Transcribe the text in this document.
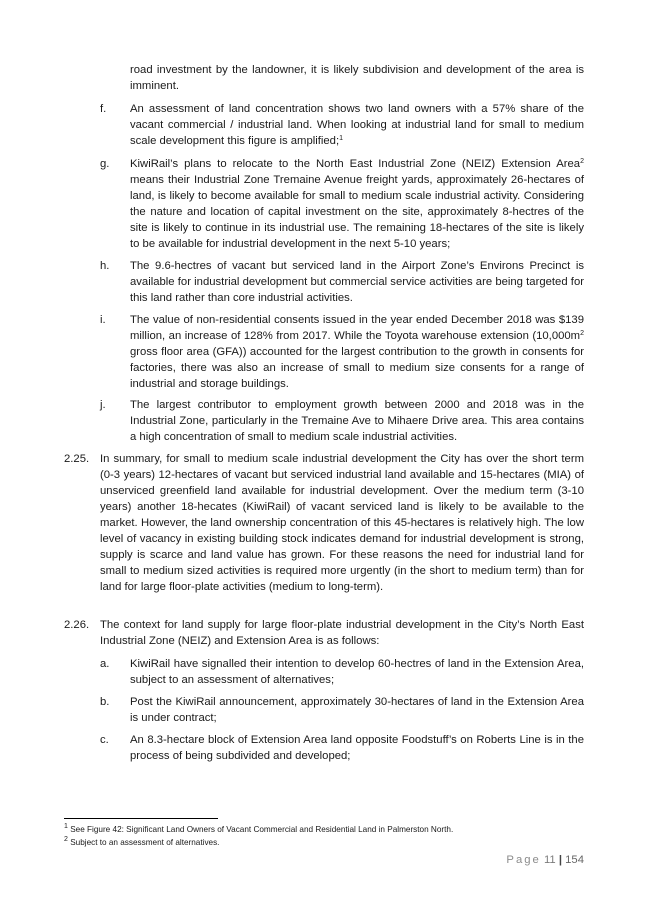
road investment by the landowner, it is likely subdivision and development of the area is imminent.

f. An assessment of land concentration shows two land owners with a 57% share of the vacant commercial / industrial land. When looking at industrial land for small to medium scale development this figure is amplified;$^1$

g. KiwiRail’s plans to relocate to the North East Industrial Zone (NEIZ) Extension Area$^2$ means their Industrial Zone Tremaine Avenue freight yards, approximately 26-hectares of land, is likely to become available for small to medium scale industrial activity. Considering the nature and location of capital investment on the site, approximately 8-hectres of the site is likely to continue in its industrial use. The remaining 18-hectares of the site is likely to be available for industrial development in the next 5-10 years;

h. The 9.6-hectres of vacant but serviced land in the Airport Zone’s Environs Precinct is available for industrial development but commercial service activities are being targeted for this land rather than core industrial activities.

i. The value of non-residential consents issued in the year ended December 2018 was $139 million, an increase of 128% from 2017. While the Toyota warehouse extension ($10,000m^2$ gross floor area (GFA)) accounted for the largest contribution to the growth in consents for factories, there was also an increase of small to medium size consents for a range of industrial and storage buildings.

j. The largest contributor to employment growth between 2000 and 2018 was in the Industrial Zone, particularly in the Tremaine Ave to Mihaere Drive area. This area contains a high concentration of small to medium scale industrial activities.

2.25. In summary, for small to medium scale industrial development the City has over the short term (0-3 years) 12-hectares of vacant but serviced industrial land available and 15-hectares (MIA) of unserviced greenfield land available for industrial development. Over the medium term (3-10 years) another 18-hecates (KiwiRail) of vacant serviced land is likely to be available to the market. However, the land ownership concentration of this 45-hectares is relatively high. The low level of vacancy in existing building stock indicates demand for industrial development is strong, supply is scarce and land value has grown. For these reasons the need for industrial land for small to medium sized activities is required more urgently (in the short to medium term) than for land for large floor-plate activities (medium to long-term).

2.26. The context for land supply for large floor-plate industrial development in the City’s North East Industrial Zone (NEIZ) and Extension Area is as follows:

a. KiwiRail have signalled their intention to develop 60-hectres of land in the Extension Area, subject to an assessment of alternatives;

b. Post the KiwiRail announcement, approximately 30-hectares of land in the Extension Area is under contract;

c. An 8.3-hectare block of Extension Area land opposite Foodstuff’s on Roberts Line is in the process of being subdivided and developed;

$^1$ See Figure 42: Significant Land Owners of Vacant Commercial and Residential Land in Palmerston North.

$^2$ Subject to an assessment of alternatives.

Page 11 | 154
